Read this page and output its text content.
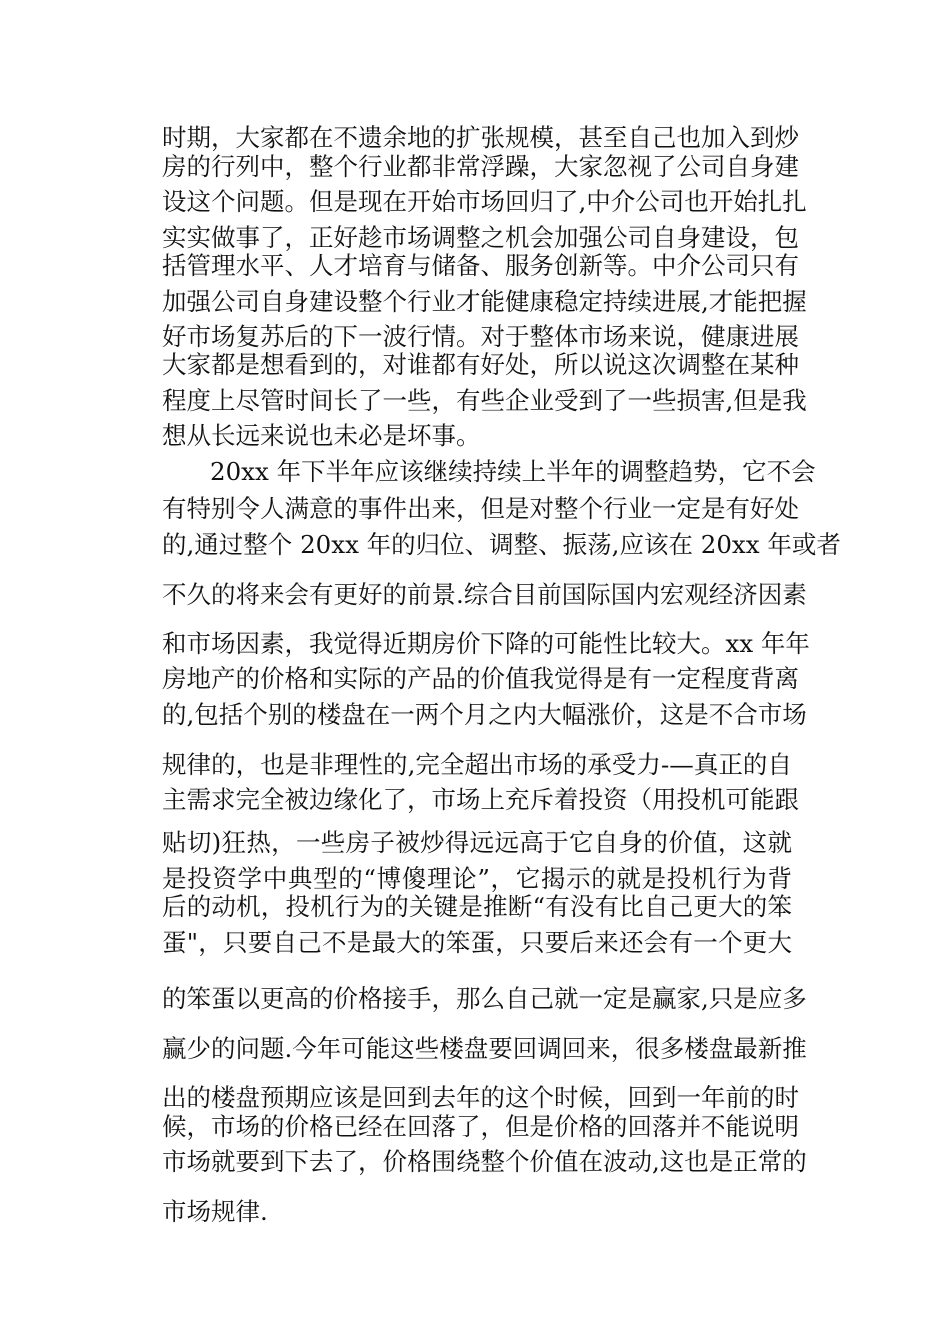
时期，大家都在不遗余地的扩张规模，甚至自己也加入到炒
房的行列中，整个行业都非常浮躁，大家忽视了公司自身建
设这个问题。但是现在开始市场回归了,中介公司也开始扎扎
实实做事了，正好趁市场调整之机会加强公司自身建设，包
括管理水平、人才培育与储备、服务创新等。中介公司只有
加强公司自身建设整个行业才能健康稳定持续进展,才能把握
好市场复苏后的下一波行情。对于整体市场来说，健康进展
大家都是想看到的，对谁都有好处，所以说这次调整在某种
程度上尽管时间长了一些，有些企业受到了一些损害,但是我
想从长远来说也未必是坏事。
20xx 年下半年应该继续持续上半年的调整趋势，它不会
有特别令人满意的事件出来，但是对整个行业一定是有好处
的,通过整个 20xx 年的归位、调整、振荡,应该在 20xx 年或者
不久的将来会有更好的前景.综合目前国际国内宏观经济因素
和市场因素，我觉得近期房价下降的可能性比较大。xx 年年
房地产的价格和实际的产品的价值我觉得是有一定程度背离
的,包括个别的楼盘在一两个月之内大幅涨价，这是不合市场
规律的，也是非理性的,完全超出市场的承受力-—真正的自
主需求完全被边缘化了，市场上充斥着投资（用投机可能跟
贴切)狂热，一些房子被炒得远远高于它自身的价值，这就
是投资学中典型的“博傻理论”，它揭示的就是投机行为背
后的动机，投机行为的关键是推断“有没有比自己更大的笨
蛋"，只要自己不是最大的笨蛋，只要后来还会有一个更大
的笨蛋以更高的价格接手，那么自己就一定是赢家,只是应多
赢少的问题.今年可能这些楼盘要回调回来，很多楼盘最新推
出的楼盘预期应该是回到去年的这个时候，回到一年前的时
候，市场的价格已经在回落了，但是价格的回落并不能说明
市场就要到下去了，价格围绕整个价值在波动,这也是正常的
市场规律.
